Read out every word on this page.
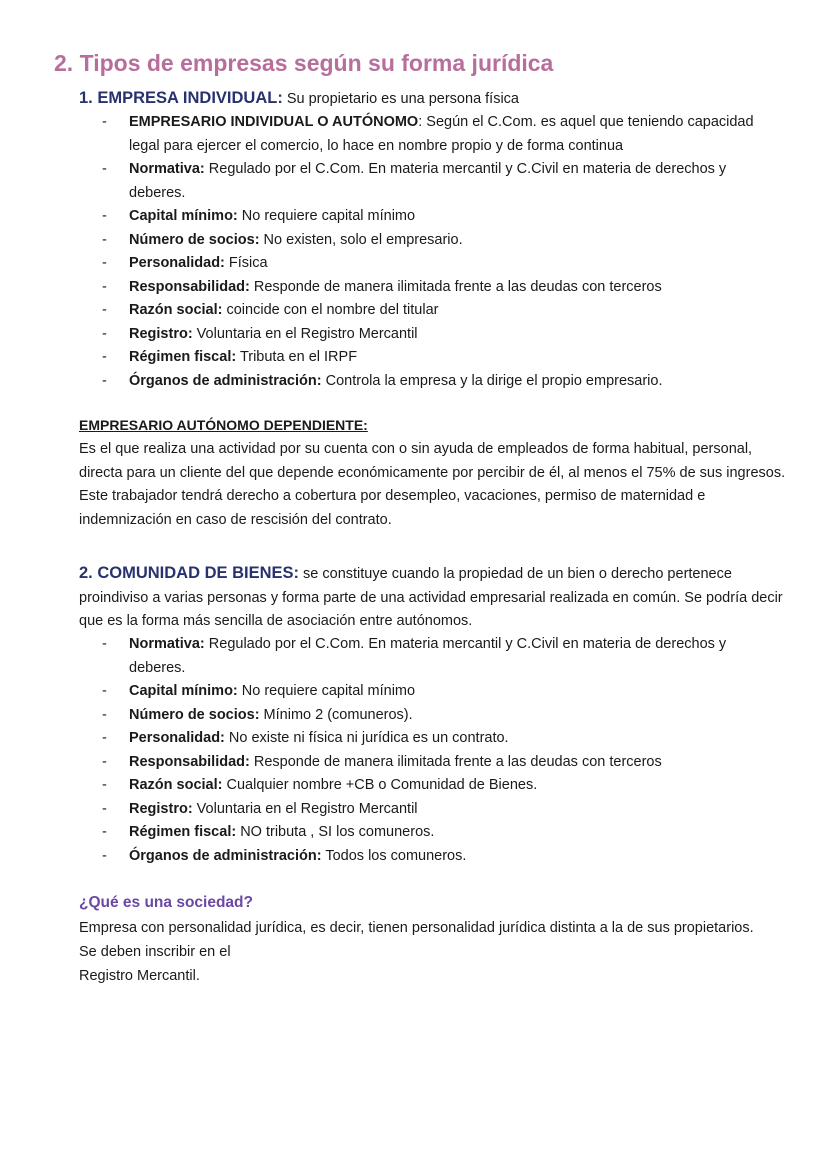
2. Tipos de empresas según su forma jurídica

1. EMPRESA INDIVIDUAL: Su propietario es una persona física

- EMPRESARIO INDIVIDUAL O AUTÓNOMO: Según el C.Com. es aquel que teniendo capacidad legal para ejercer el comercio, lo hace en nombre propio y de forma continua
- Normativa: Regulado por el C.Com. En materia mercantil y C.Civil en materia de derechos y deberes.
- Capital mínimo: No requiere capital mínimo
- Número de socios: No existen, solo el empresario.
- Personalidad: Física
- Responsabilidad: Responde de manera ilimitada frente a las deudas con terceros
- Razón social: coincide con el nombre del titular
- Registro: Voluntaria en el Registro Mercantil
- Régimen fiscal: Tributa en el IRPF
- Órganos de administración: Controla la empresa y la dirige el propio empresario.

EMPRESARIO AUTÓNOMO DEPENDIENTE:

Es el que realiza una actividad por su cuenta con o sin ayuda de empleados de forma habitual, personal, directa para un cliente del que depende económicamente por percibir de él, al menos el 75% de sus ingresos. Este trabajador tendrá derecho a cobertura por desempleo, vacaciones, permiso de maternidad e indemnización en caso de rescisión del contrato.

2. COMUNIDAD DE BIENES: se constituye cuando la propiedad de un bien o derecho pertenece proindiviso a varias personas y forma parte de una actividad empresarial realizada en común. Se podría decir que es la forma más sencilla de asociación entre autónomos.

- Normativa: Regulado por el C.Com. En materia mercantil y C.Civil en materia de derechos y deberes.
- Capital mínimo: No requiere capital mínimo
- Número de socios: Mínimo 2 (comuneros).
- Personalidad: No existe ni física ni jurídica es un contrato.
- Responsabilidad: Responde de manera ilimitada frente a las deudas con terceros
- Razón social: Cualquier nombre +CB o Comunidad de Bienes.
- Registro: Voluntaria en el Registro Mercantil
- Régimen fiscal: NO tributa , SI los comuneros.
- Órganos de administración: Todos los comuneros.

¿Qué es una sociedad?

Empresa con personalidad jurídica, es decir, tienen personalidad jurídica distinta a la de sus propietarios.

Se deben inscribir en el

Registro Mercantil.
